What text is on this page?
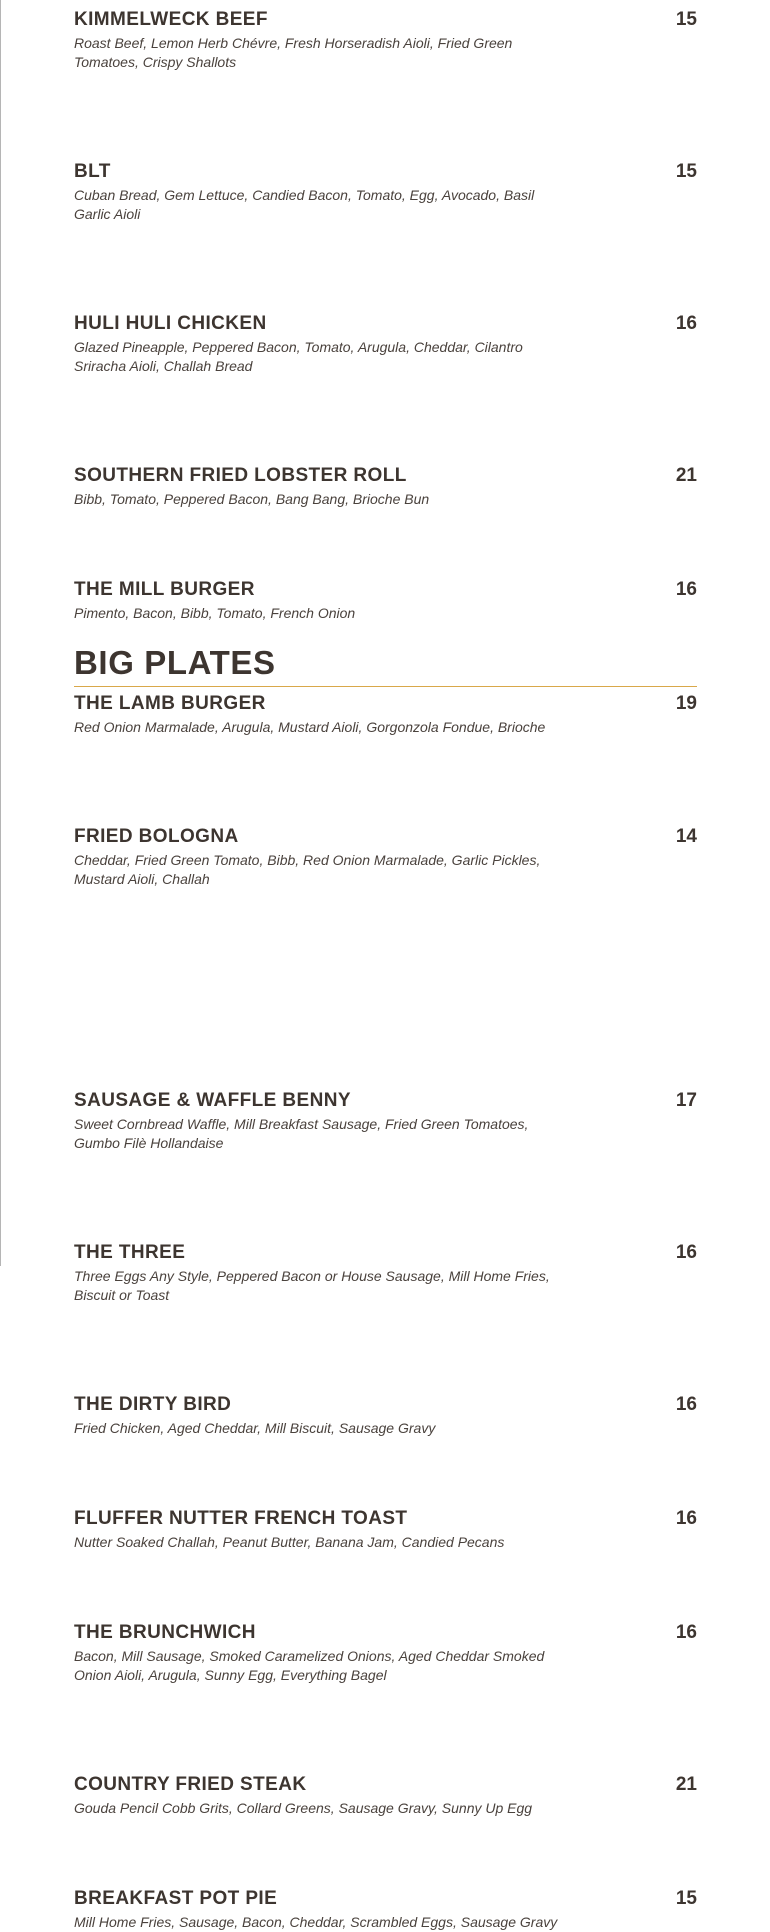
KIMMELWECK BEEF	15
Roast Beef, Lemon Herb Chévre, Fresh Horseradish Aioli, Fried Green Tomatoes, Crispy Shallots
BLT	15
Cuban Bread, Gem Lettuce, Candied Bacon, Tomato, Egg, Avocado, Basil Garlic Aioli
HULI HULI CHICKEN	16
Glazed Pineapple, Peppered Bacon, Tomato, Arugula, Cheddar, Cilantro Sriracha Aioli, Challah Bread
SOUTHERN FRIED LOBSTER ROLL	21
Bibb, Tomato, Peppered Bacon, Bang Bang, Brioche Bun
THE MILL BURGER	16
Pimento, Bacon, Bibb, Tomato, French Onion
THE LAMB BURGER	19
Red Onion Marmalade, Arugula, Mustard Aioli, Gorgonzola Fondue, Brioche
FRIED BOLOGNA	14
Cheddar, Fried Green Tomato, Bibb, Red Onion Marmalade, Garlic Pickles, Mustard Aioli, Challah
BIG PLATES
SAUSAGE & WAFFLE BENNY	17
Sweet Cornbread Waffle, Mill Breakfast Sausage, Fried Green Tomatoes, Gumbo Filè Hollandaise
THE THREE	16
Three Eggs Any Style, Peppered Bacon or House Sausage, Mill Home Fries, Biscuit or Toast
THE DIRTY BIRD	16
Fried Chicken, Aged Cheddar, Mill Biscuit, Sausage Gravy
FLUFFER NUTTER FRENCH TOAST	16
Nutter Soaked Challah, Peanut Butter, Banana Jam, Candied Pecans
THE BRUNCHWICH	16
Bacon, Mill Sausage, Smoked Caramelized Onions, Aged Cheddar Smoked Onion Aioli, Arugula, Sunny Egg, Everything Bagel
COUNTRY FRIED STEAK	21
Gouda Pencil Cobb Grits, Collard Greens, Sausage Gravy, Sunny Up Egg
BREAKFAST POT PIE	15
Mill Home Fries, Sausage, Bacon, Cheddar, Scrambled Eggs, Sausage Gravy
